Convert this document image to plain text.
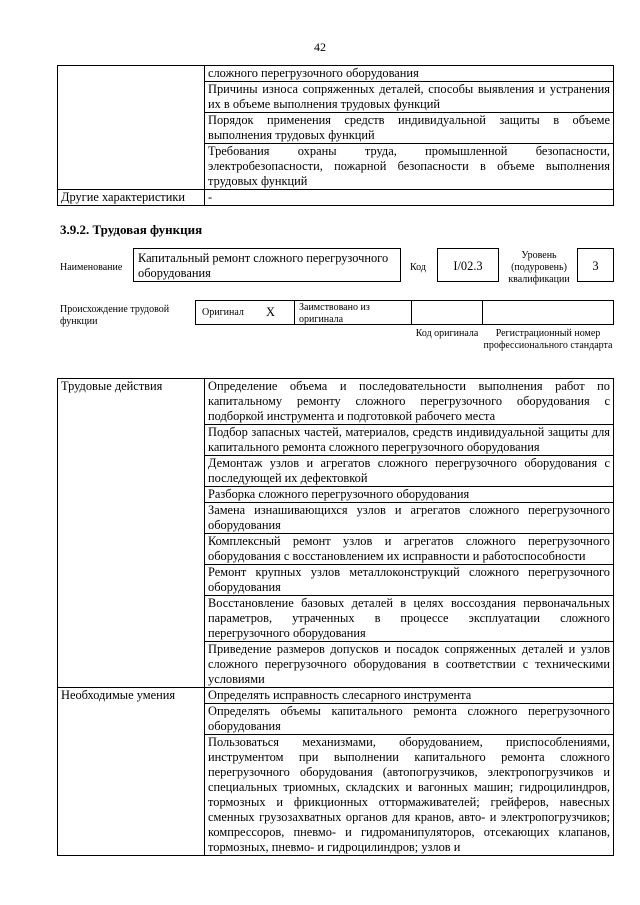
42
	сложного перегрузочного оборудования
	Причины износа сопряженных деталей, способы выявления и устранения их в объеме выполнения трудовых функций
	Порядок применения средств индивидуальной защиты в объеме выполнения трудовых функций
	Требования охраны труда, промышленной безопасности, электробезопасности, пожарной безопасности в объеме выполнения трудовых функций
Другие характеристики	-
3.9.2. Трудовая функция
Наименование
Капитальный ремонт сложного перегрузочного оборудования	Код	I/02.3
Уровень (подуровень) квалификации
3
Происхождение трудовой функции
Оригинал X	Заимствовано из оригинала
Код оригинала	Регистрационный номер профессионального стандарта
Трудовые действия	Определение объема и последовательности выполнения работ по капитальному ремонту сложного перегрузочного оборудования с подборкой инструмента и подготовкой рабочего места
	Подбор запасных частей, материалов, средств индивидуальной защиты для капитального ремонта сложного перегрузочного оборудования
	Демонтаж узлов и агрегатов сложного перегрузочного оборудования с последующей их дефектовкой
	Разборка сложного перегрузочного оборудования
	Замена изнашивающихся узлов и агрегатов сложного перегрузочного оборудования
	Комплексный ремонт узлов и агрегатов сложного перегрузочного оборудования с восстановлением их исправности и работоспособности
	Ремонт крупных узлов металлоконструкций сложного перегрузочного оборудования
	Восстановление базовых деталей в целях воссоздания первоначальных параметров, утраченных в процессе эксплуатации сложного перегрузочного оборудования
	Приведение размеров допусков и посадок сопряженных деталей и узлов сложного перегрузочного оборудования в соответствии с техническими условиями
Необходимые умения	Определять исправность слесарного инструмента
	Определять объемы капитального ремонта сложного перегрузочного оборудования
	Пользоваться механизмами, оборудованием, приспособлениями, инструментом при выполнении капитального ремонта сложного перегрузочного оборудования (автопогрузчиков, электропогрузчиков и специальных триомных, складских и вагонных машин; гидроцилиндров, тормозных и фрикционных оттормаживателей; грейферов, навесных сменных грузозахватных органов для кранов, авто- и электропогрузчиков; компрессоров, пневмо- и гидроманипуляторов, отсекающих клапанов, тормозных, пневмо- и гидроцилиндров; узлов и
